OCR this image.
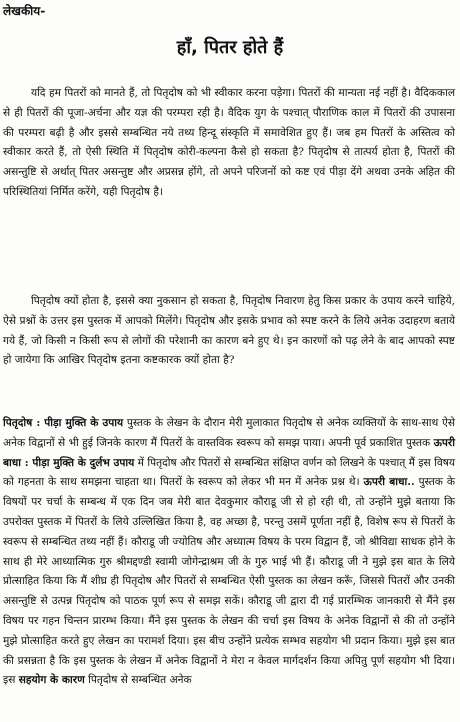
लेखकीय-
हाँ, पितर होते हैं

यदि हम पितरों को मानते हैं, तो पितृदोष को भी स्वीकार करना पड़ेगा। पितरों की मान्यता नई नहीं है। वैदिककाल से ही पितरों की पूजा-अर्चना और यज्ञ की परम्परा रही है। वैदिक युग के पश्चात् पौराणिक काल में पितरों की उपासना की परम्परा बढ़ी है और इससे सम्बन्धित नये तथ्य हिन्दू संस्कृति में समावेशित हुए हैं। जब हम पितरों के अस्तित्व को स्वीकार करते हैं, तो ऐसी स्थिति में पितृदोष कोरी-कल्पना कैसे हो सकता है? पितृदोष से तात्पर्य होता है, पितरों की असन्तुष्टि से अर्थात् पितर असन्तुष्ट और अप्रसन्न होंगे, तो अपने परिजनों को कष्ट एवं पीड़ा देंगे अथवा उनके अहित की परिस्थितियां निर्मित करेंगे, यही पितृदोष है।

पितृदोष क्यों होता है, इससे क्या नुकसान हो सकता है, पितृदोष निवारण हेतु किस प्रकार के उपाय करने चाहिये, ऐसे प्रश्नों के उत्तर इस पुस्तक में आपको मिलेंगे। पितृदोष और इसके प्रभाव को स्पष्ट करने के लिये अनेक उदाहरण बताये गये हैं, जो किसी न किसी रूप से लोगों की परेशानी का कारण बने हुए थे। इन कारणों को पढ़ लेने के बाद आपको स्पष्ट हो जायेगा कि आखिर पितृदोष इतना कष्टकारक क्यों होता है?

पितृदोष : पीड़ा मुक्ति के उपाय पुस्तक के लेखन के दौरान मेरी मुलाकात पितृदोष से अनेक व्यक्तियों के साथ-साथ ऐसे अनेक विद्वानों से भी हुई जिनके कारण मैं पितरों के वास्तविक स्वरूप को समझ पाया। अपनी पूर्व प्रकाशित पुस्तक ऊपरी बाधा : पीड़ा मुक्ति के दुर्लभ उपाय में पितृदोष और पितरों से सम्बन्धित संक्षिप्त वर्णन को लिखने के पश्चात् मैं इस विषय को गहनता के साथ समझना चाहता था। पितरों के स्वरूप को लेकर भी मन में अनेक प्रश्न थे। ऊपरी बाधा.. पुस्तक के विषयों पर चर्चा के सम्बन्ध में एक दिन जब मेरी बात देवकुमार कौराडू जी से हो रही थी, तो उन्होंने मुझे बताया कि उपरोक्त पुस्तक में पितरों के लिये उल्लिखित किया है, वह अच्छा है, परन्तु उसमें पूर्णता नहीं है, विशेष रूप से पितरों के स्वरूप से सम्बन्धित तथ्य नहीं हैं। कौराडू जी ज्योतिष और अध्यात्म विषय के परम विद्वान हैं, जो श्रीविद्या साधक होने के साथ ही मेरे आध्यात्मिक गुरु श्रीमद्दण्डी स्वामी जोगेन्द्राश्रम जी के गुरु भाई भी हैं। कौराडू जी ने मुझे इस बात के लिये प्रोत्साहित किया कि मैं शीघ्र ही पितृदोष और पितरों से सम्बन्धित ऐसी पुस्तक का लेखन करूँ, जिससे पितरों और उनकी असन्तुष्टि से उत्पन्न पितृदोष को पाठक पूर्ण रूप से समझ सकें। कौराडू जी द्वारा दी गई प्रारम्भिक जानकारी से मैंने इस विषय पर गहन चिन्तन प्रारम्भ किया। मैंने इस पुस्तक के लेखन की चर्चा इस विषय के अनेक विद्वानों से की तो उन्होंने मुझे प्रोत्साहित करते हुए लेखन का परामर्श दिया। इस बीच उन्होंने प्रत्येक सम्भव सहयोग भी प्रदान किया। मुझे इस बात की प्रसन्नता है कि इस पुस्तक के लेखन में अनेक विद्वानों ने मेरा न केवल मार्गदर्शन किया अपितु पूर्ण सहयोग भी दिया। इस सहयोग के कारण पितृदोष से सम्बन्धित अनेक
